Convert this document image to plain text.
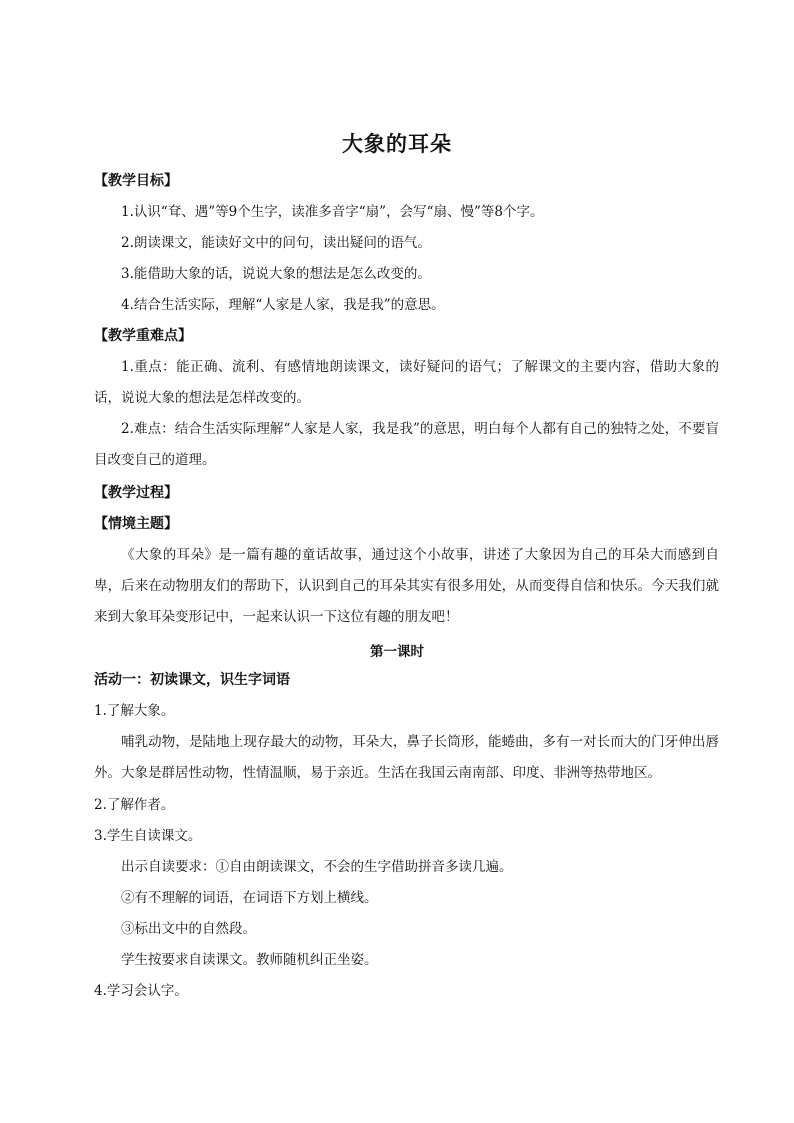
大象的耳朵
【教学目标】
1.认识“耷、遇”等9个生字，读准多音字“扇”，会写“扇、慢”等8个字。
2.朗读课文，能读好文中的问句，读出疑问的语气。
3.能借助大象的话，说说大象的想法是怎么改变的。
4.结合生活实际，理解“人家是人家，我是我”的意思。
【教学重难点】
1.重点：能正确、流利、有感情地朗读课文，读好疑问的语气；了解课文的主要内容，借助大象的话，说说大象的想法是怎样改变的。
2.难点：结合生活实际理解“人家是人家，我是我”的意思，明白每个人都有自己的独特之处，不要盲目改变自己的道理。
【教学过程】
【情境主题】
《大象的耳朵》是一篇有趣的童话故事，通过这个小故事，讲述了大象因为自己的耳朵大而感到自卑，后来在动物朋友们的帮助下，认识到自己的耳朵其实有很多用处，从而变得自信和快乐。今天我们就来到大象耳朵变形记中，一起来认识一下这位有趣的朋友吧！
第一课时
活动一：初读课文，识生字词语
1.了解大象。
哺乳动物，是陆地上现存最大的动物，耳朵大，鼻子长筒形，能蜷曲，多有一对长而大的门牙伸出唇外。大象是群居性动物，性情温顺，易于亲近。生活在我国云南南部、印度、非洲等热带地区。
2.了解作者。
3.学生自读课文。
出示自读要求：①自由朗读课文，不会的生字借助拼音多读几遍。
②有不理解的词语，在词语下方划上横线。
③标出文中的自然段。
学生按要求自读课文。教师随机纠正坐姿。
4.学习会认字。
